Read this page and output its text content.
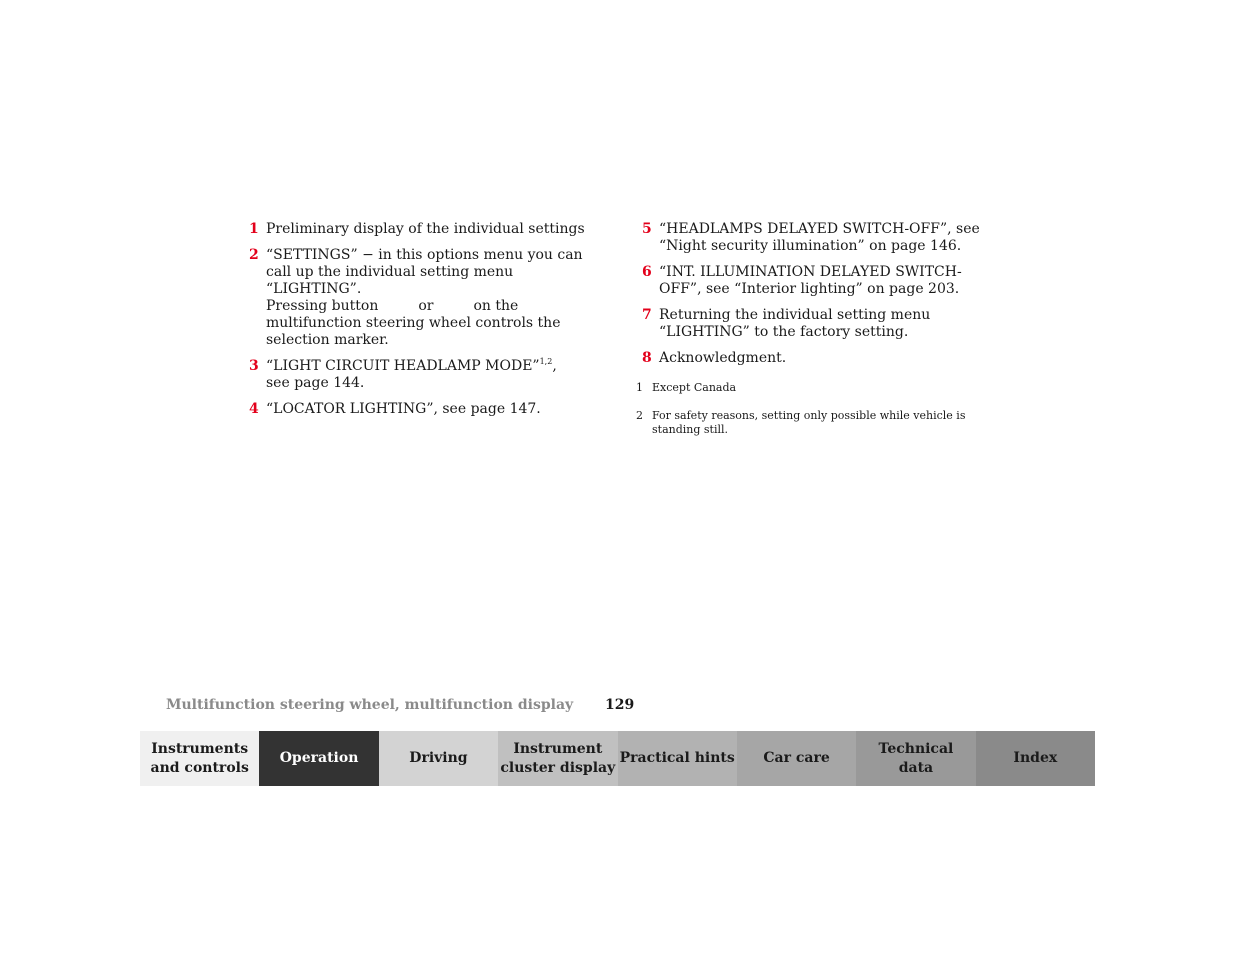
1 Preliminary display of the individual settings
2 “SETTINGS” − in this options menu you can call up the individual setting menu “LIGHTING”.
Pressing button	or	on the multifunction steering wheel controls the selection marker.
3 “LIGHT CIRCUIT HEADLAMP MODE”$^{1,2}$,
see page 144.
4 “LOCATOR LIGHTING”, see page 147.
5 “HEADLAMPS DELAYED SWITCH-OFF”, see “Night security illumination” on page 146.
6 “INT. ILLUMINATION DELAYED SWITCH-OFF”, see “Interior lighting” on page 203.
7 Returning the individual setting menu “LIGHTING” to the factory setting.
8 Acknowledgment.
1 Except Canada
2 For safety reasons, setting only possible while vehicle is standing still.
Multifunction steering wheel, multifunction display 129
Instruments
and controls
Operation	Driving
Instrument
cluster display
Practical hints	Car care
Technical
data
Index
